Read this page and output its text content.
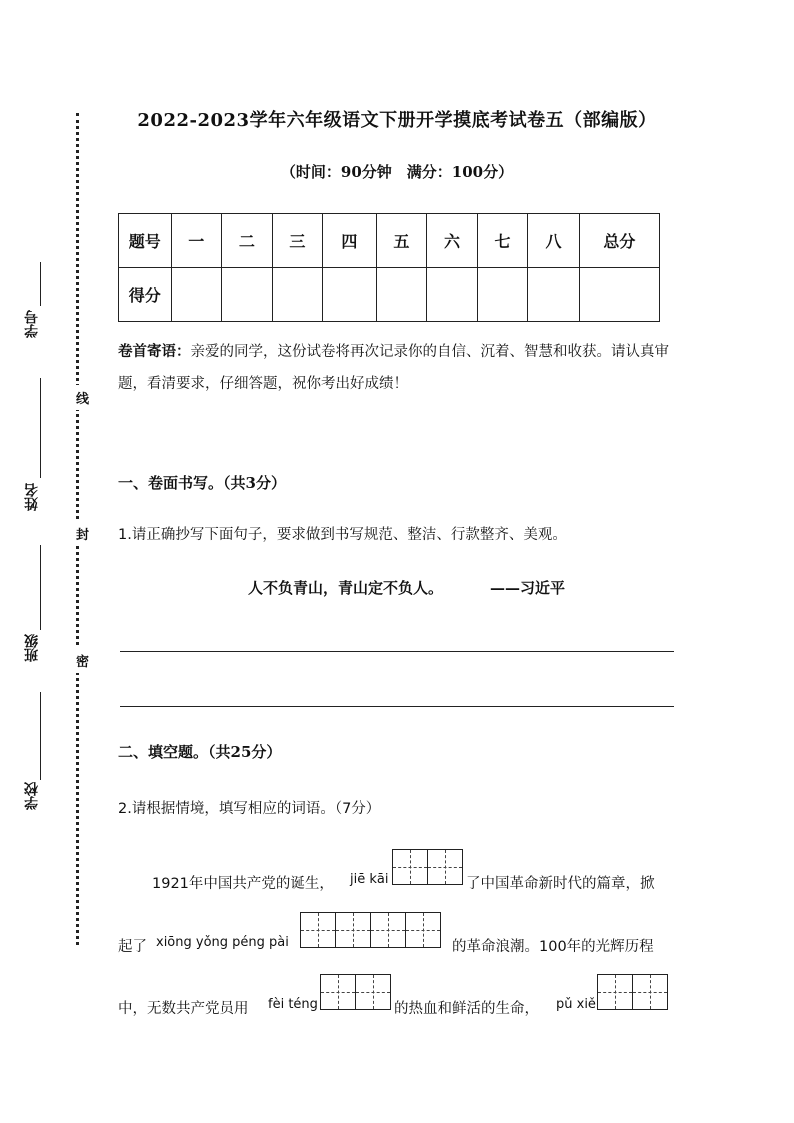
线
封
密
学号
姓名
班级
学校
2022-2023学年六年级语文下册开学摸底考试卷五（部编版）
（时间：90分钟　满分：100分）
题号	一	二	三	四	五	六	七	八	总分
得分									
卷首寄语：亲爱的同学，这份试卷将再次记录你的自信、沉着、智慧和收获。请认真审题，看清要求，仔细答题，祝你考出好成绩！
一、卷面书写。（共3分）
1.请正确抄写下面句子，要求做到书写规范、整洁、行款整齐、美观。
人不负青山，青山定不负人。	——习近平
二、填空题。（共25分）
2.请根据情境，填写相应的词语。（7分）
1921年中国共产党的诞生， jiē kāi	了中国革命新时代的篇章，掀
起了 xiōng yǒng péng pài	的革命浪潮。100年的光辉历程
中，无数共产党员用 fèi téng	的热血和鲜活的生命， pǔ xiě
